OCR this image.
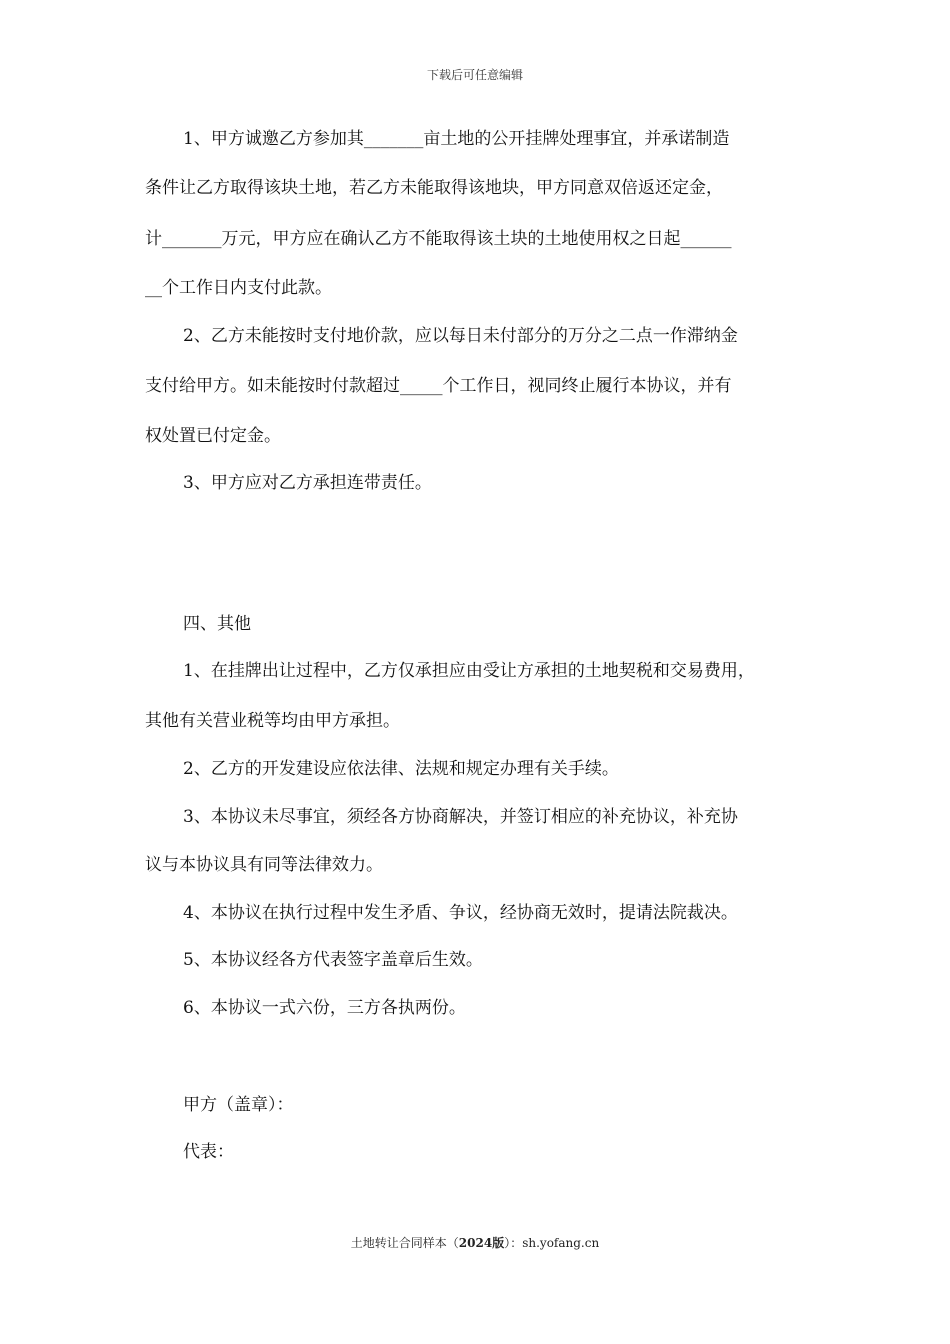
下载后可任意编辑
1、甲方诚邀乙方参加其_______亩土地的公开挂牌处理事宜，并承诺制造
条件让乙方取得该块土地，若乙方未能取得该地块，甲方同意双倍返还定金，
计_______万元，甲方应在确认乙方不能取得该土块的土地使用权之日起______
__个工作日内支付此款。
2、乙方未能按时支付地价款，应以每日未付部分的万分之二点一作滞纳金
支付给甲方。如未能按时付款超过_____个工作日，视同终止履行本协议，并有
权处置已付定金。
3、甲方应对乙方承担连带责任。
四、其他
1、在挂牌出让过程中，乙方仅承担应由受让方承担的土地契税和交易费用，
其他有关营业税等均由甲方承担。
2、乙方的开发建设应依法律、法规和规定办理有关手续。
3、本协议未尽事宜，须经各方协商解决，并签订相应的补充协议，补充协
议与本协议具有同等法律效力。
4、本协议在执行过程中发生矛盾、争议，经协商无效时，提请法院裁决。
5、本协议经各方代表签字盖章后生效。
6、本协议一式六份，三方各执两份。
甲方（盖章）：
代表：
土地转让合同样本（2024版）：sh.yofang.cn
